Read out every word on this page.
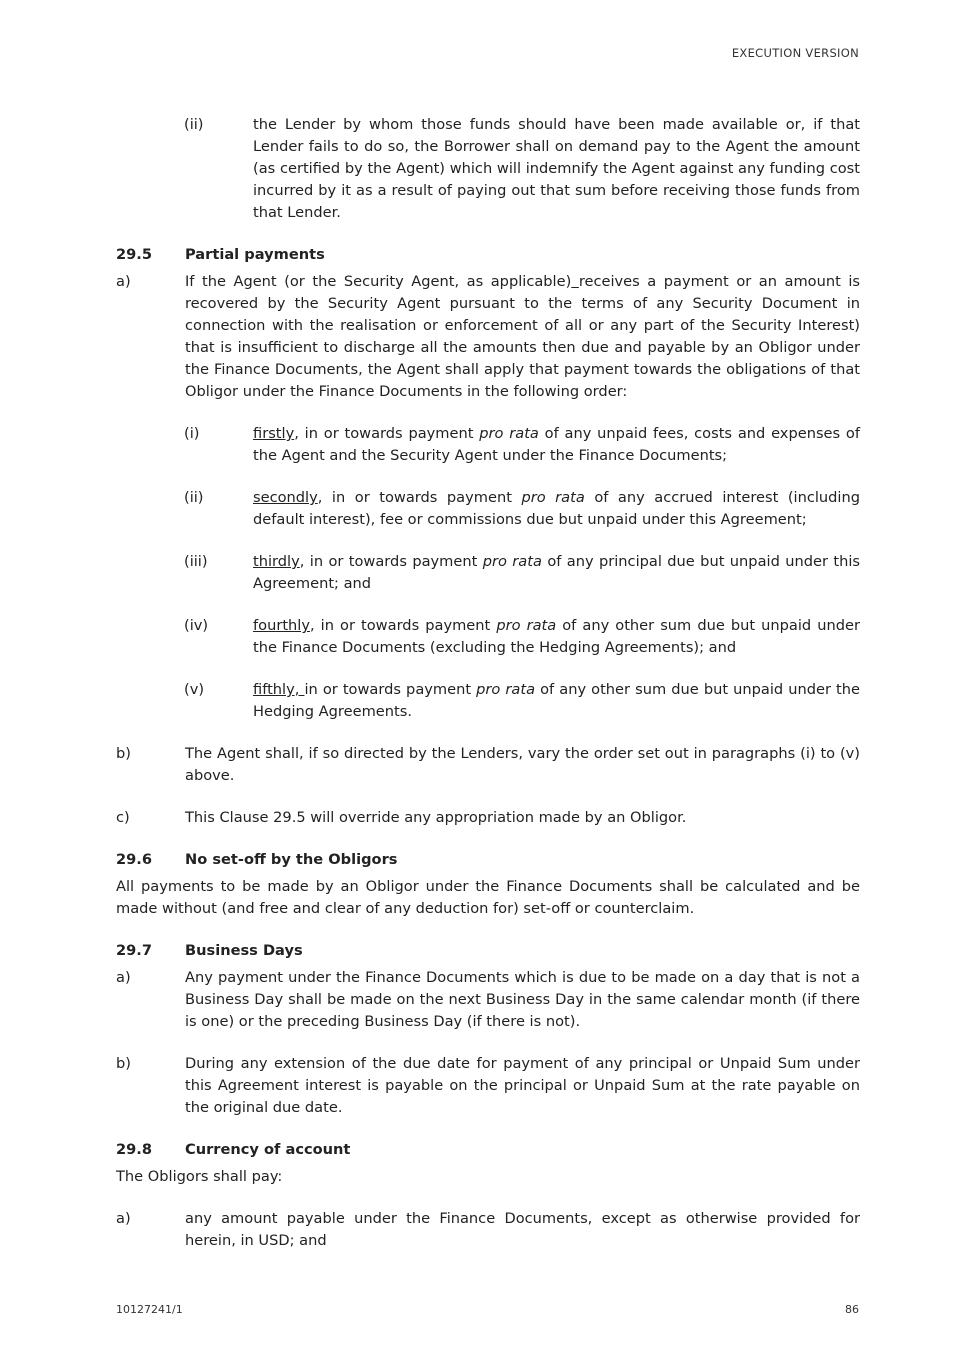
EXECUTION VERSION
(ii)	the Lender by whom those funds should have been made available or, if that Lender fails to do so, the Borrower shall on demand pay to the Agent the amount (as certified by the Agent) which will indemnify the Agent against any funding cost incurred by it as a result of paying out that sum before receiving those funds from that Lender.
29.5	Partial payments
a)	If the Agent (or the Security Agent, as applicable) receives a payment or an amount is recovered by the Security Agent pursuant to the terms of any Security Document in connection with the realisation or enforcement of all or any part of the Security Interest) that is insufficient to discharge all the amounts then due and payable by an Obligor under the Finance Documents, the Agent shall apply that payment towards the obligations of that Obligor under the Finance Documents in the following order:
(i)	firstly, in or towards payment pro rata of any unpaid fees, costs and expenses of the Agent and the Security Agent under the Finance Documents;
(ii)	secondly, in or towards payment pro rata of any accrued interest (including default interest), fee or commissions due but unpaid under this Agreement;
(iii)	thirdly, in or towards payment pro rata of any principal due but unpaid under this Agreement; and
(iv)	fourthly, in or towards payment pro rata of any other sum due but unpaid under the Finance Documents (excluding the Hedging Agreements); and
(v)	fifthly, in or towards payment pro rata of any other sum due but unpaid under the Hedging Agreements.
b)	The Agent shall, if so directed by the Lenders, vary the order set out in paragraphs (i) to (v) above.
c)	This Clause 29.5 will override any appropriation made by an Obligor.
29.6	No set-off by the Obligors

All payments to be made by an Obligor under the Finance Documents shall be calculated and be made without (and free and clear of any deduction for) set-off or counterclaim.

29.7	Business Days
a)	Any payment under the Finance Documents which is due to be made on a day that is not a Business Day shall be made on the next Business Day in the same calendar month (if there is one) or the preceding Business Day (if there is not).
b)	During any extension of the due date for payment of any principal or Unpaid Sum under this Agreement interest is payable on the principal or Unpaid Sum at the rate payable on the original due date.
29.8	Currency of account

The Obligors shall pay:

a)	any amount payable under the Finance Documents, except as otherwise provided for herein, in USD; and
10127241/1	86
